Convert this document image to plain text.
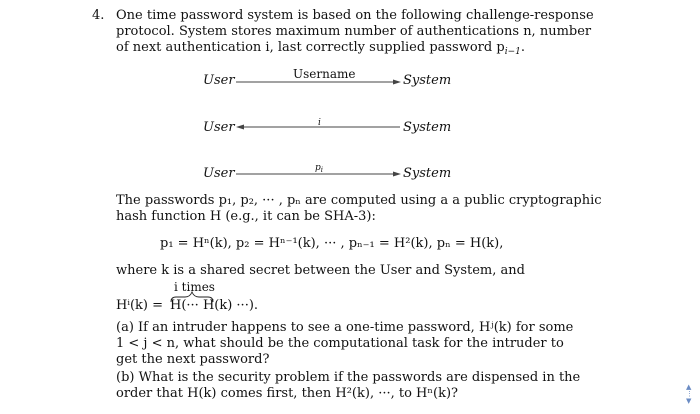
4. One time password system is based on the following challenge-response
protocol. System stores maximum number of authentications n, number
of next authentication i, last correctly supplied password $p_{i-1}$.
User	Username	System
User	i	System
User	$p_i$	System
The passwords p₁, p₂, ··· , pₙ are computed using a a public cryptographic
hash function H (e.g., it can be SHA-3):
p₁ = Hⁿ(k), p₂ = Hⁿ⁻¹(k), ··· , pₙ₋₁ = H²(k), pₙ = H(k),
where k is a shared secret between the User and System, and
i times
Hⁱ(k) = H(··· H(k) ···).
(a) If an intruder happens to see a one-time password, Hʲ(k) for some
1 < j < n, what should be the computational task for the intruder to
get the next password?
(b) What is the security problem if the passwords are dispensed in the
order that H(k) comes first, then H²(k), ···, to Hⁿ(k)?	▲
⋮
▼
